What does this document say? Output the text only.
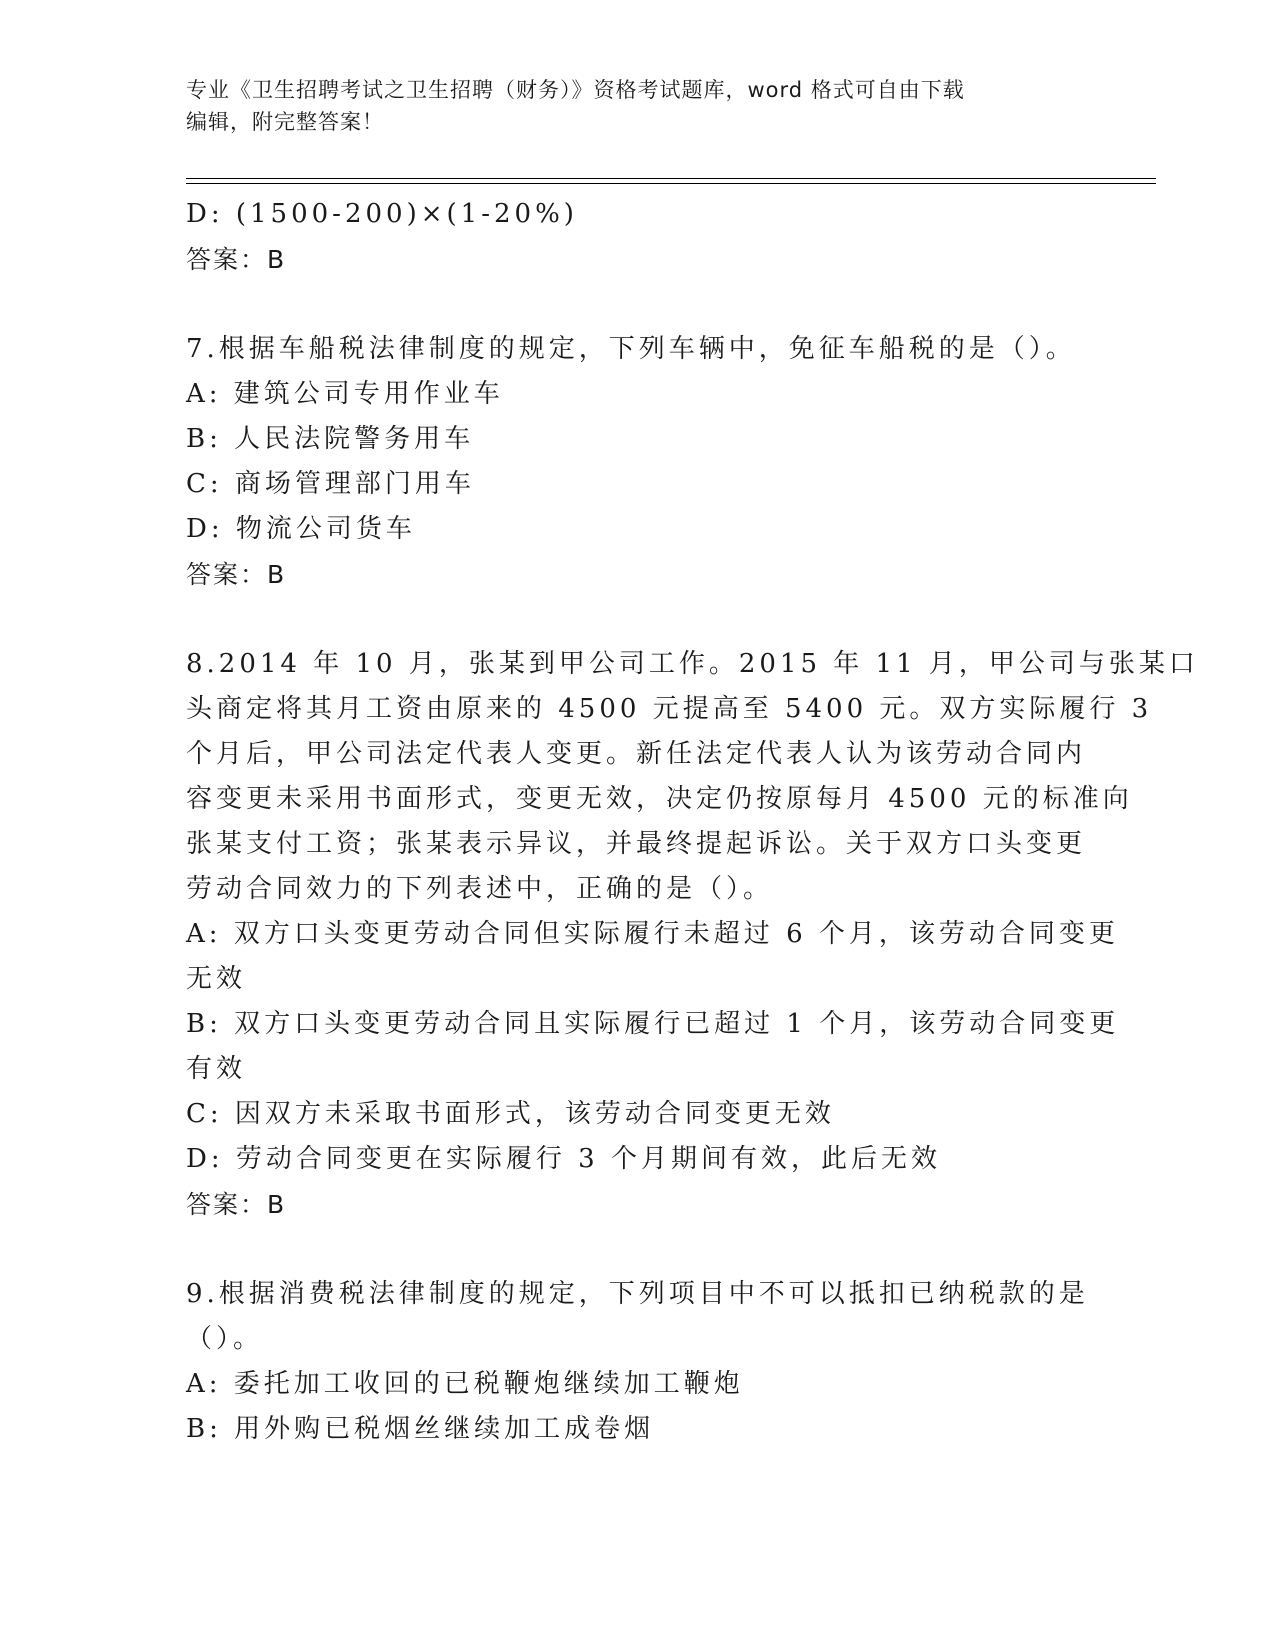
专业《卫生招聘考试之卫生招聘（财务）》资格考试题库，word 格式可自由下载
编辑，附完整答案！
D: (1500-200)×(1-20%)
答案：B
7.根据车船税法律制度的规定，下列车辆中，免征车船税的是（）。
A: 建筑公司专用作业车
B: 人民法院警务用车
C: 商场管理部门用车
D: 物流公司货车
答案：B
8.2014 年 10 月，张某到甲公司工作。2015 年 11 月，甲公司与张某口
头商定将其月工资由原来的 4500 元提高至 5400 元。双方实际履行 3
个月后，甲公司法定代表人变更。新任法定代表人认为该劳动合同内
容变更未采用书面形式，变更无效，决定仍按原每月 4500 元的标准向
张某支付工资；张某表示异议，并最终提起诉讼。关于双方口头变更
劳动合同效力的下列表述中，正确的是（）。
A: 双方口头变更劳动合同但实际履行未超过 6 个月，该劳动合同变更
无效
B: 双方口头变更劳动合同且实际履行已超过 1 个月，该劳动合同变更
有效
C: 因双方未采取书面形式，该劳动合同变更无效
D: 劳动合同变更在实际履行 3 个月期间有效，此后无效
答案：B
9.根据消费税法律制度的规定，下列项目中不可以抵扣已纳税款的是
（）。
A: 委托加工收回的已税鞭炮继续加工鞭炮
B: 用外购已税烟丝继续加工成卷烟
